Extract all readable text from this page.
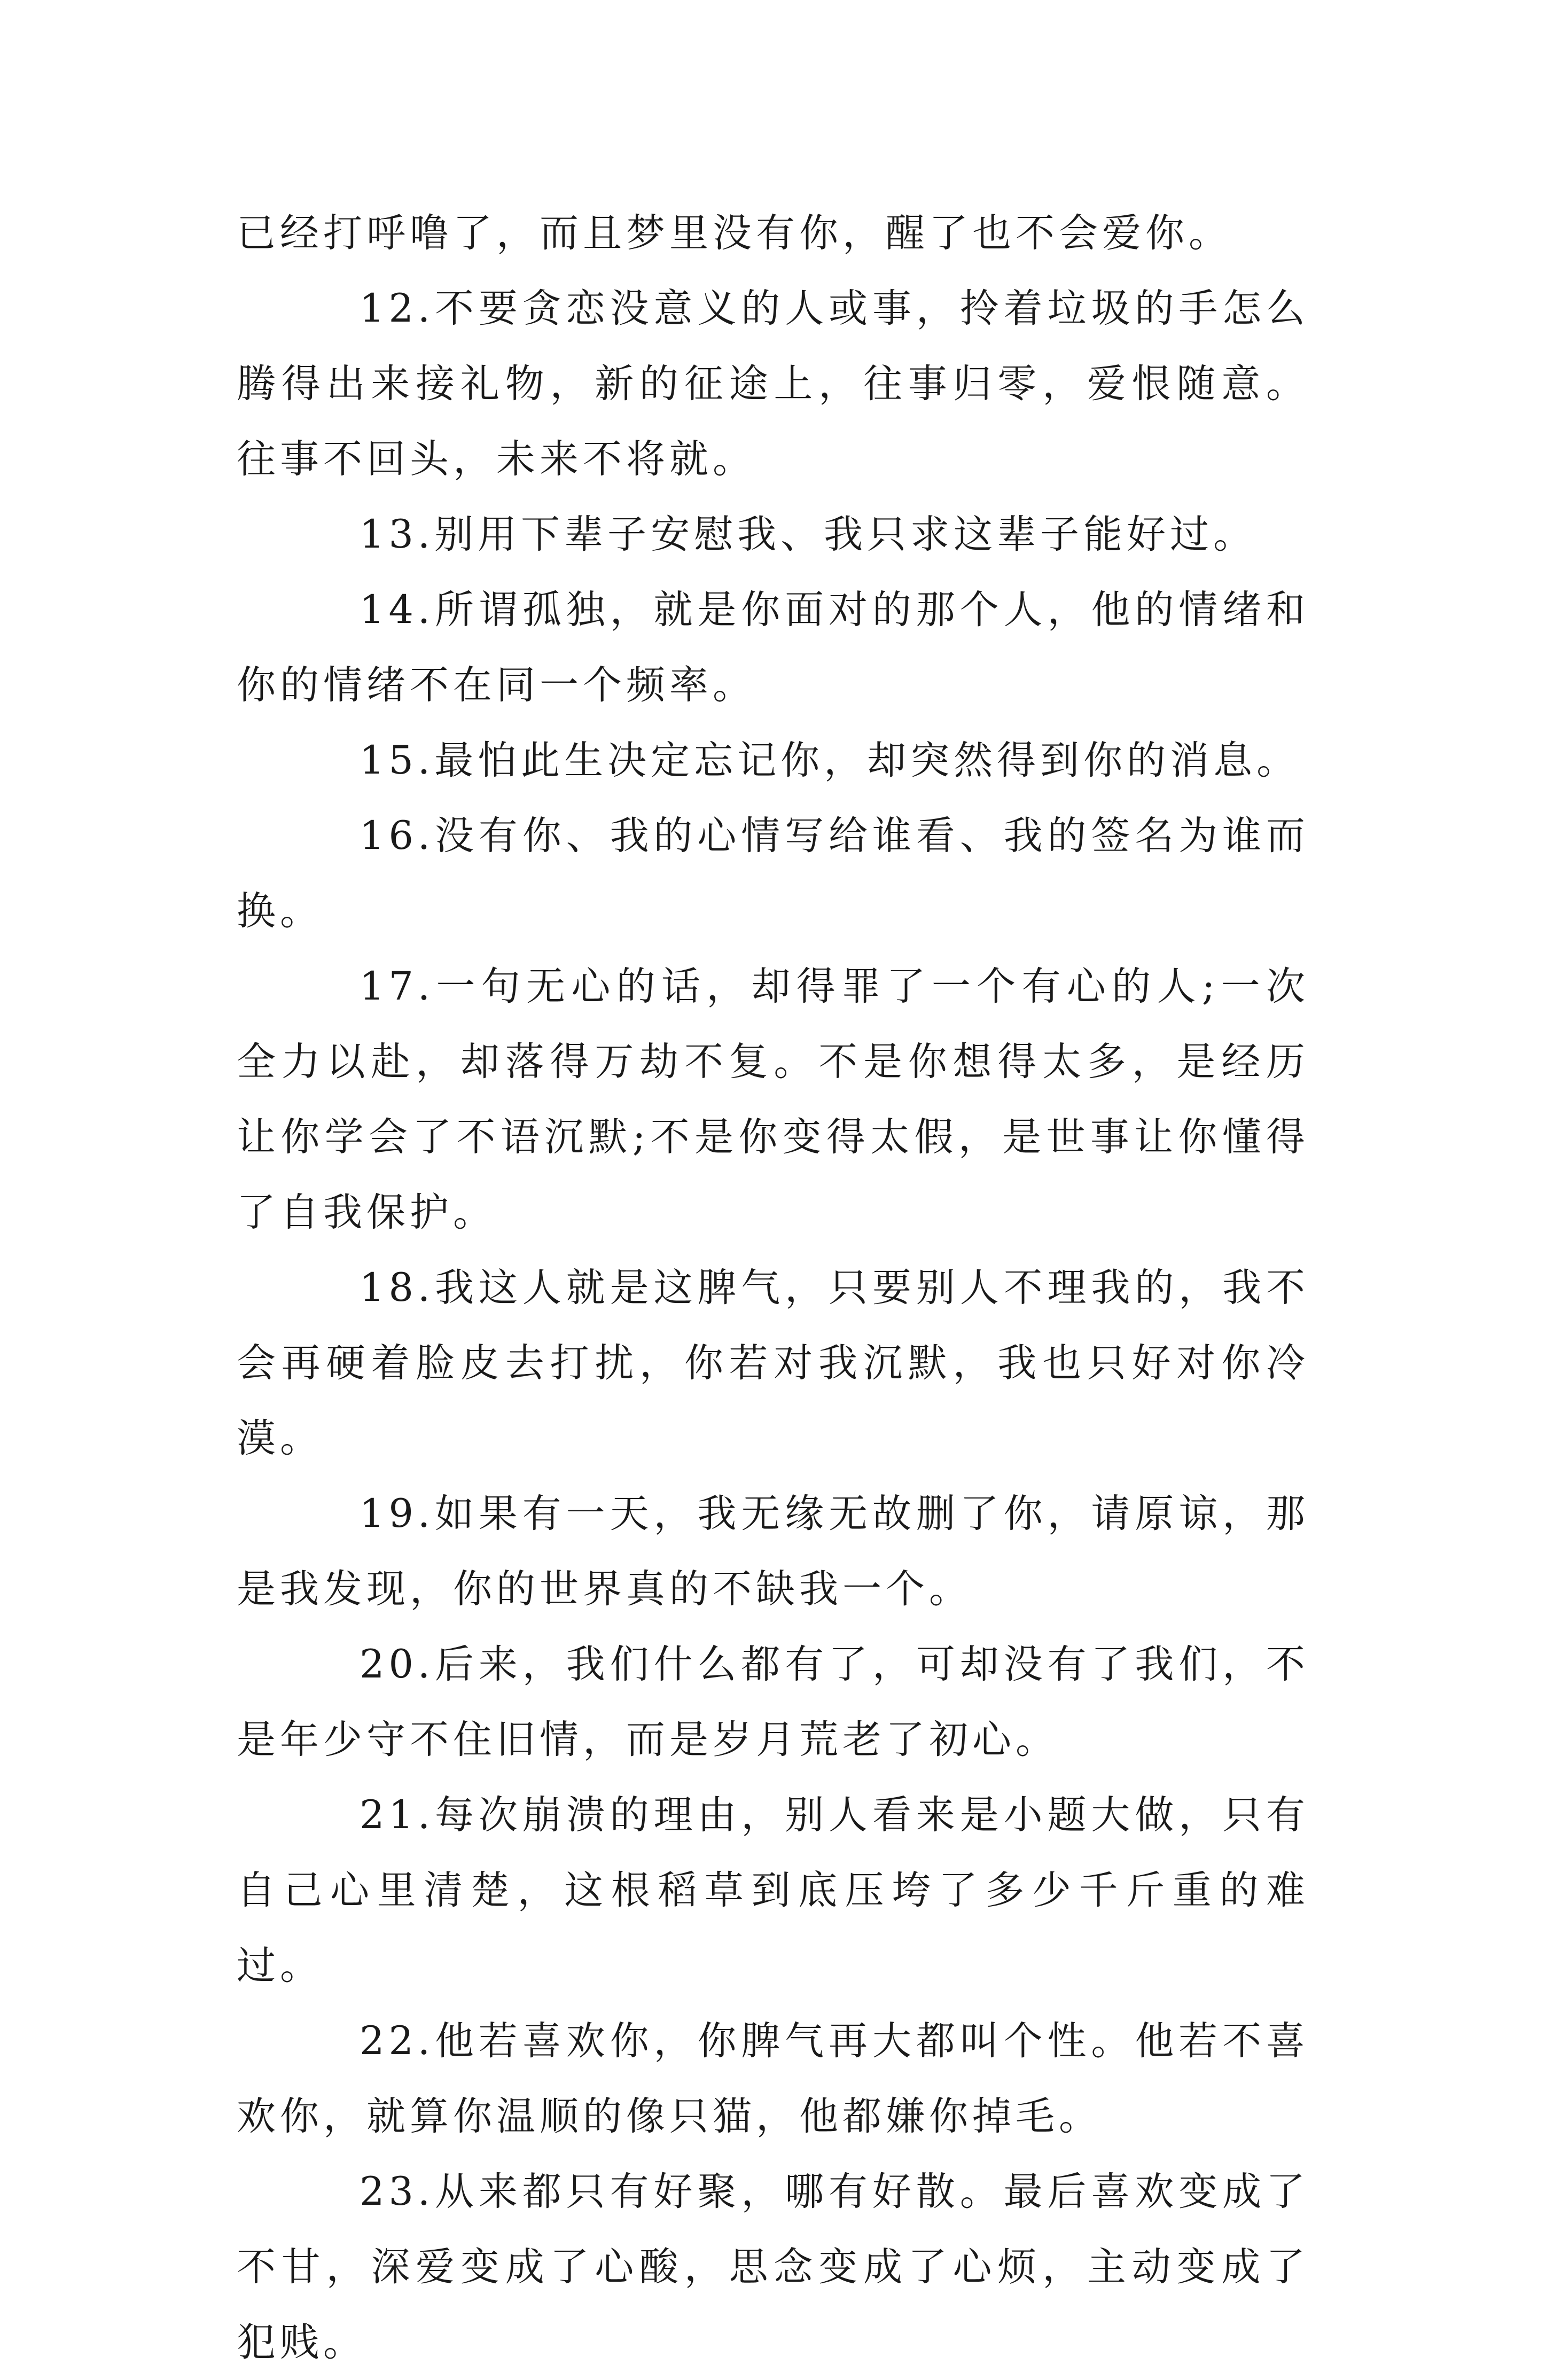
已经打呼噜了，而且梦里没有你，醒了也不会爱你。

12.不要贪恋没意义的人或事，拎着垃圾的手怎么腾得出来接礼物，新的征途上，往事归零，爱恨随意。往事不回头，未来不将就。

13.别用下辈子安慰我、我只求这辈子能好过。

14.所谓孤独，就是你面对的那个人，他的情绪和你的情绪不在同一个频率。

15.最怕此生决定忘记你，却突然得到你的消息。

16.没有你、我的心情写给谁看、我的签名为谁而换。

17.一句无心的话，却得罪了一个有心的人;一次全力以赴，却落得万劫不复。不是你想得太多，是经历让你学会了不语沉默;不是你变得太假，是世事让你懂得了自我保护。

18.我这人就是这脾气，只要别人不理我的，我不会再硬着脸皮去打扰，你若对我沉默，我也只好对你冷漠。

19.如果有一天，我无缘无故删了你，请原谅，那是我发现，你的世界真的不缺我一个。

20.后来，我们什么都有了，可却没有了我们，不是年少守不住旧情，而是岁月荒老了初心。

21.每次崩溃的理由，别人看来是小题大做，只有自己心里清楚，这根稻草到底压垮了多少千斤重的难过。

22.他若喜欢你，你脾气再大都叫个性。他若不喜欢你，就算你温顺的像只猫，他都嫌你掉毛。

23.从来都只有好聚，哪有好散。最后喜欢变成了不甘，深爱变成了心酸，思念变成了心烦，主动变成了犯贱。
